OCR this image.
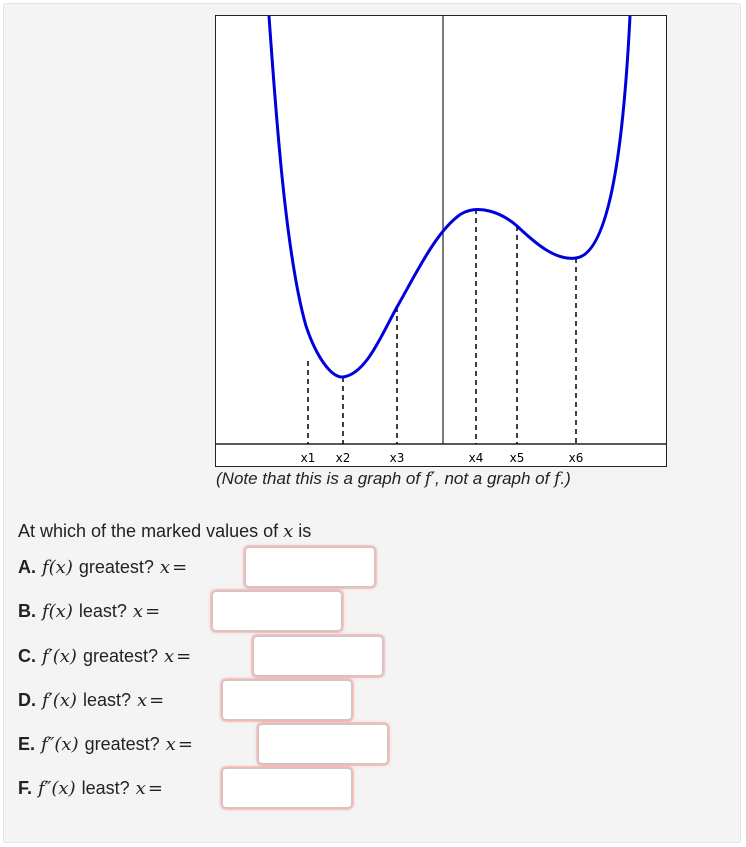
x1 x2	x3	x4 x5	x6
(Note that this is a graph of f′, not a graph of f.)
At which of the marked values of x is
A. f(x) greatest? x =
B. f(x) least? x =
C. f′(x) greatest? x =
D. f′(x) least? x =
E. f″(x) greatest? x =
F. f″(x) least? x =
